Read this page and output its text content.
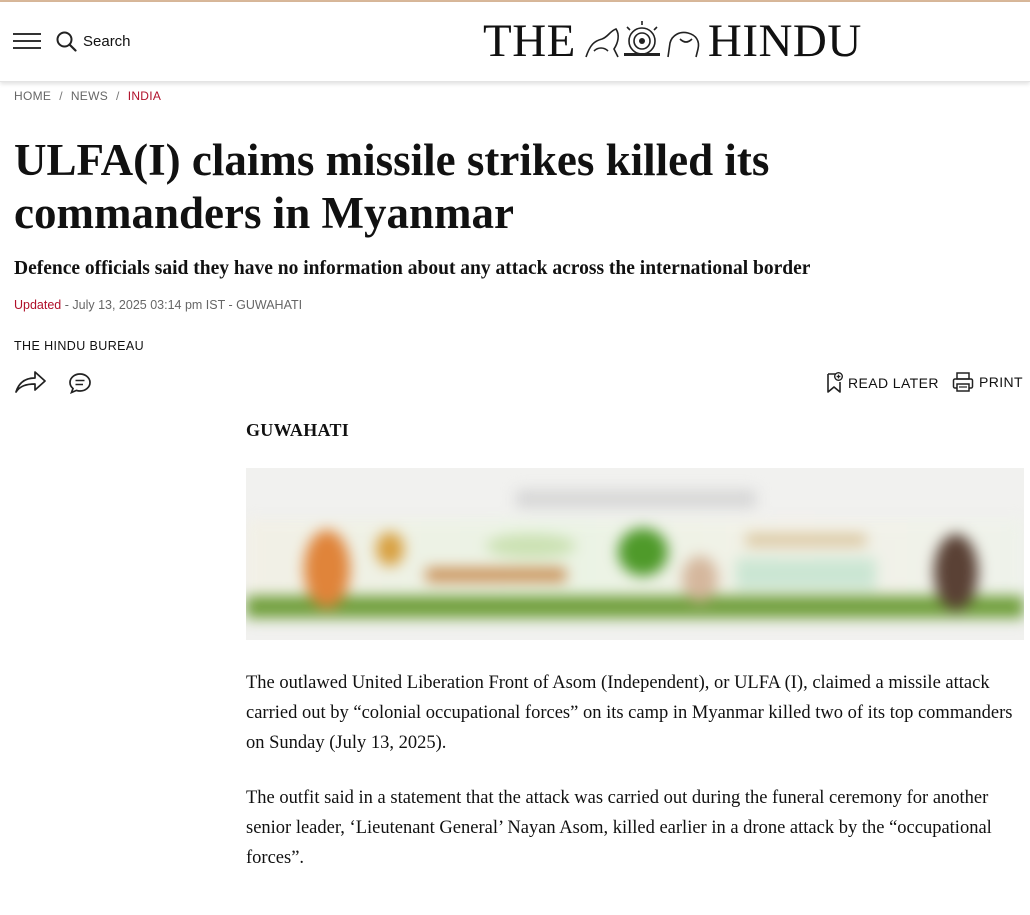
Search	THE	HINDU
HOME / NEWS / INDIA
ULFA(I) claims missile strikes killed its commanders in Myanmar
Defence officials said they have no information about any attack across the international border
Updated - July 13, 2025 03:14 pm IST - GUWAHATI
THE HINDU BUREAU
READ LATER	PRINT
GUWAHATI

The outlawed United Liberation Front of Asom (Independent), or ULFA (I), claimed a missile attack carried out by “colonial occupational forces” on its camp in Myanmar killed two of its top commanders on Sunday (July 13, 2025).

The outfit said in a statement that the attack was carried out during the funeral ceremony for another senior leader, ‘Lieutenant General’ Nayan Asom, killed earlier in a drone attack by the “occupational forces”.
